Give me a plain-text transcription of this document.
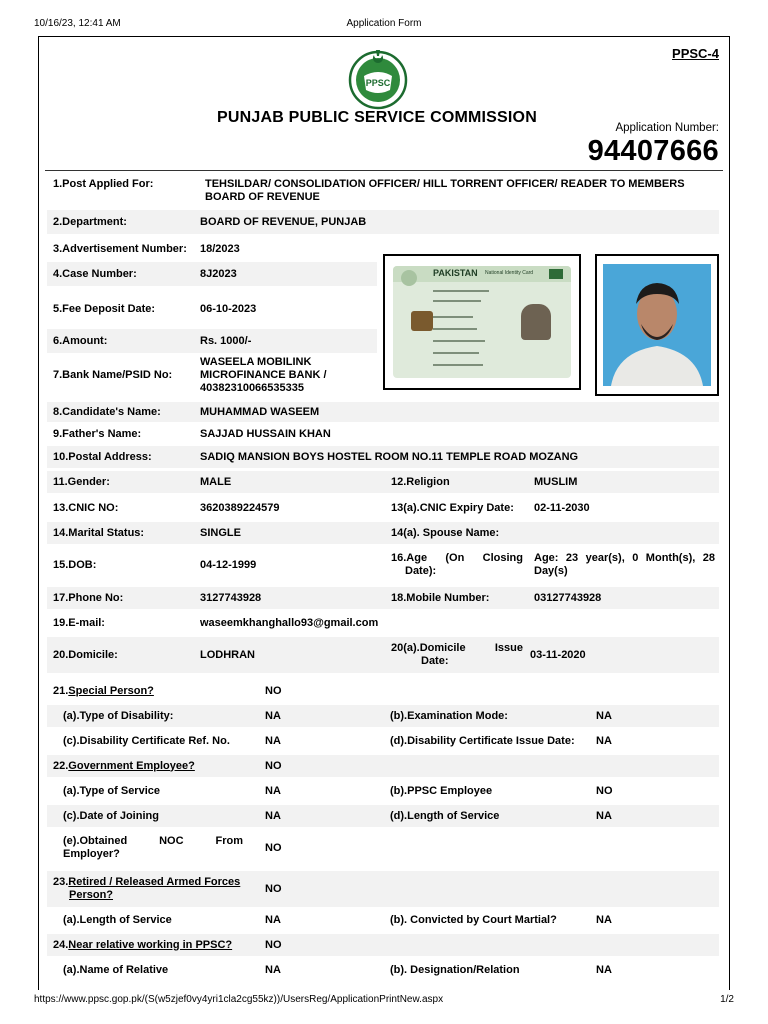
10/16/23, 12:41 AM	Application Form
PPSC-4
PPSC
PUNJAB PUBLIC SERVICE COMMISSION
Application Number:
94407666
1.Post Applied For:	TEHSILDAR/ CONSOLIDATION OFFICER/ HILL TORRENT OFFICER/ READER TO MEMBERS BOARD OF REVENUE
2.Department:	BOARD OF REVENUE, PUNJAB
3.Advertisement Number:	18/2023
4.Case Number:	8J2023
5.Fee Deposit Date:	06-10-2023
6.Amount:	Rs. 1000/-
7.Bank Name/PSID No:
WASEELA MOBILINK MICROFINANCE BANK / 40382310066535335
PAKISTAN National Identity Card
8.Candidate's Name:	MUHAMMAD WASEEM
9.Father's Name:	SAJJAD HUSSAIN KHAN
10.Postal Address:	SADIQ MANSION BOYS HOSTEL ROOM NO.11 TEMPLE ROAD MOZANG
11.Gender:	MALE	12.Religion	MUSLIM
13.CNIC NO:	3620389224579	13(a).CNIC Expiry Date:	02-11-2030
14.Marital Status:	SINGLE	14(a). Spouse Name:
15.DOB:	04-12-1999
16.Age (On Closing
Date):
Age: 23 year(s), 0 Month(s), 28 Day(s)
17.Phone No:	3127743928	18.Mobile Number:	03127743928
19.E-mail:	waseemkhanghallo93@gmail.com
20.Domicile:	LODHRAN
20(a).Domicile Issue
Date:
03-11-2020
21. Special Person?	NO
(a).Type of Disability:	NA	(b).Examination Mode:	NA
(c).Disability Certificate Ref. No.	NA	(d).Disability Certificate Issue Date:	NA
22. Government Employee?	NO
(a).Type of Service	NA	(b).PPSC Employee	NO
(c).Date of Joining	NA	(d).Length of Service	NA
(e).Obtained NOC From
Employer?
NO
23.Retired / Released Armed Forces
Person?
NO
(a).Length of Service	NA	(b). Convicted by Court Martial?	NA
24. Near relative working in PPSC?	NO
(a).Name of Relative	NA	(b). Designation/Relation	NA
https://www.ppsc.gop.pk/(S(w5zjef0vy4yri1cla2cg55kz))/UsersReg/ApplicationPrintNew.aspx	1/2
